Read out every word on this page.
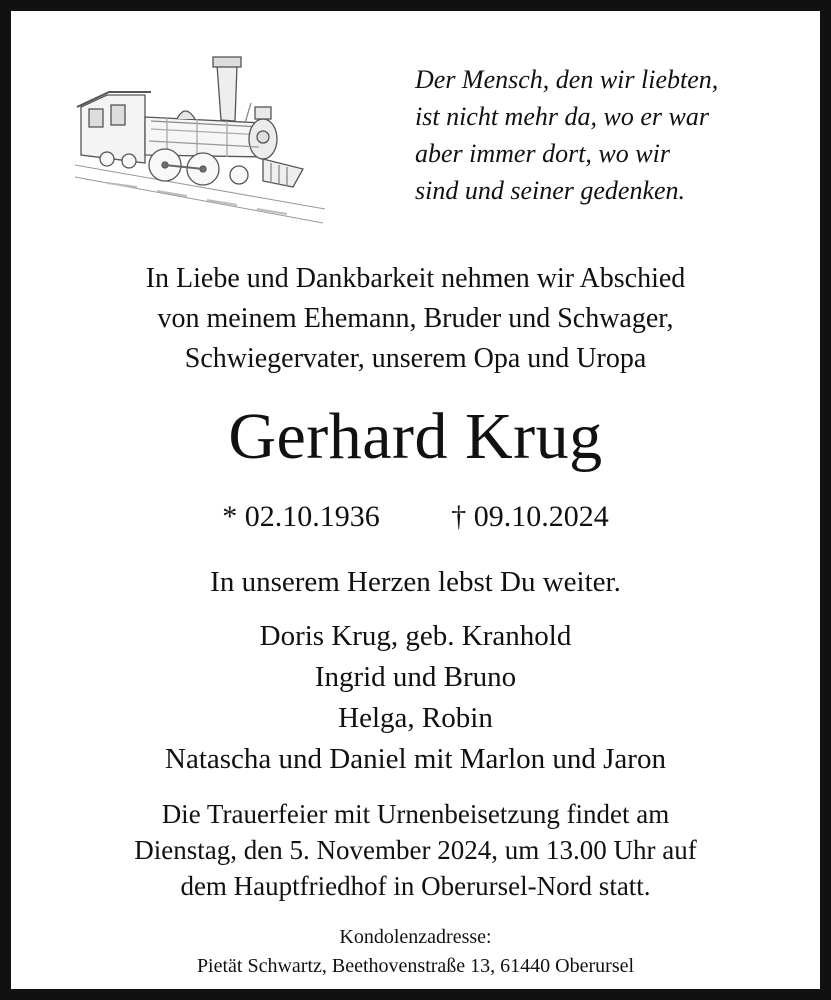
Der Mensch, den wir liebten,
ist nicht mehr da, wo er war
aber immer dort, wo wir
sind und seiner gedenken.
In Liebe und Dankbarkeit nehmen wir Abschied
von meinem Ehemann, Bruder und Schwager,
Schwiegervater, unserem Opa und Uropa
Gerhard Krug
* 02.10.1936 † 09.10.2024
In unserem Herzen lebst Du weiter.
Doris Krug, geb. Kranhold
Ingrid und Bruno
Helga, Robin
Natascha und Daniel mit Marlon und Jaron
Die Trauerfeier mit Urnenbeisetzung findet am
Dienstag, den 5. November 2024, um 13.00 Uhr auf
dem Hauptfriedhof in Oberursel-Nord statt.
Kondolenzadresse:
Pietät Schwartz, Beethovenstraße 13, 61440 Oberursel
